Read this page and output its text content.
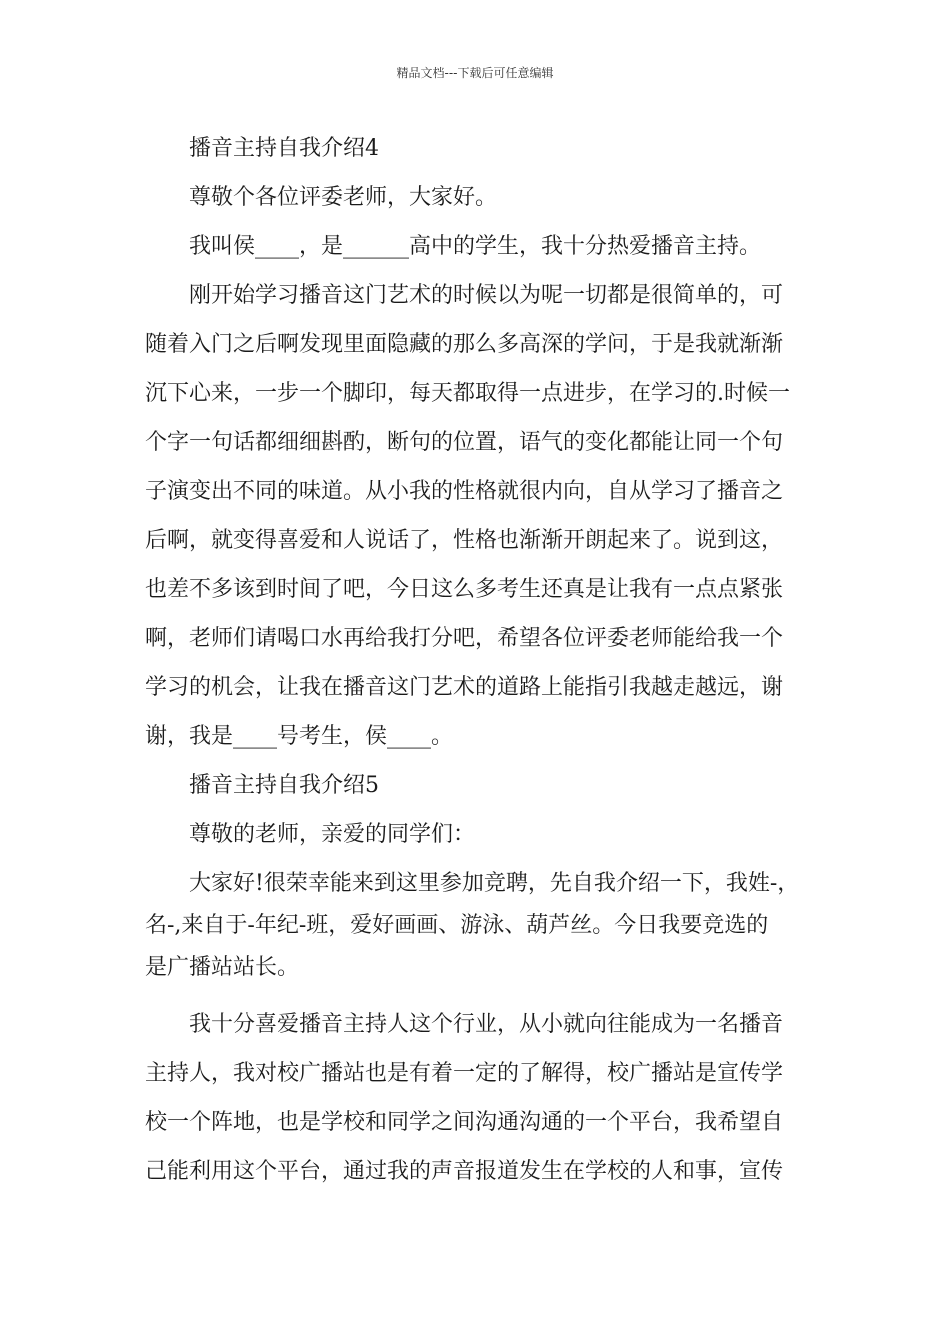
精品文档---下载后可任意编辑
播音主持自我介绍4
尊敬个各位评委老师，大家好。
我叫侯____，是______高中的学生，我十分热爱播音主持。
刚开始学习播音这门艺术的时候以为呢一切都是很简单的，可
随着入门之后啊发现里面隐藏的那么多高深的学问，于是我就渐渐
沉下心来，一步一个脚印，每天都取得一点进步，在学习的.时候一
个字一句话都细细斟酌，断句的位置，语气的变化都能让同一个句
子演变出不同的味道。从小我的性格就很内向，自从学习了播音之
后啊，就变得喜爱和人说话了，性格也渐渐开朗起来了。说到这，
也差不多该到时间了吧，今日这么多考生还真是让我有一点点紧张
啊，老师们请喝口水再给我打分吧，希望各位评委老师能给我一个
学习的机会，让我在播音这门艺术的道路上能指引我越走越远，谢
谢，我是____号考生，侯____。
播音主持自我介绍5
尊敬的老师，亲爱的同学们：
大家好!很荣幸能来到这里参加竞聘，先自我介绍一下，我姓-，
名-,来自于-年纪-班，爱好画画、游泳、葫芦丝。今日我要竞选的
是广播站站长。
我十分喜爱播音主持人这个行业，从小就向往能成为一名播音
主持人，我对校广播站也是有着一定的了解得，校广播站是宣传学
校一个阵地，也是学校和同学之间沟通沟通的一个平台，我希望自
己能利用这个平台，通过我的声音报道发生在学校的人和事，宣传
